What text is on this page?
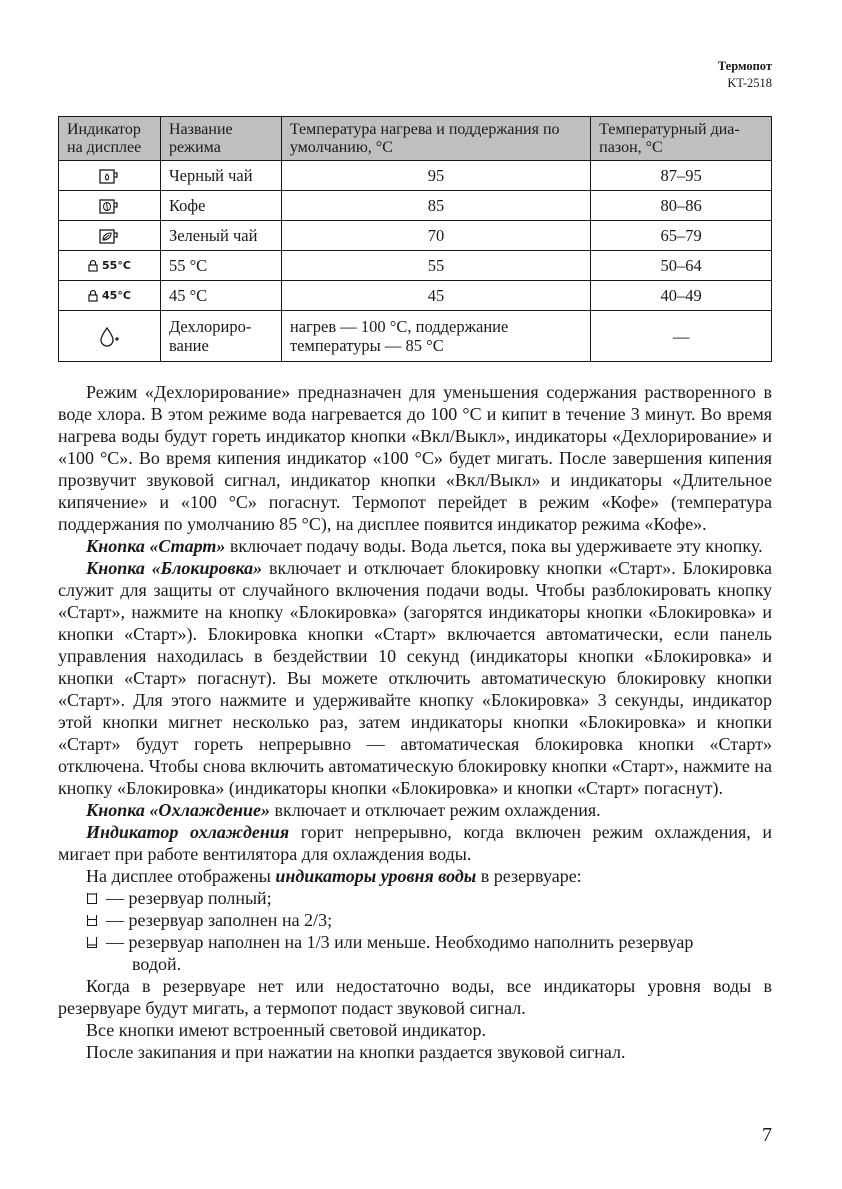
Термопот
KT-2518
Индикатор на дисплее	Название режима	Температура нагрева и поддержания по умолчанию, °С	Температурный диа-пазон, °С
	Черный чай	95	87–95
	Кофе	85	80–86
	Зеленый чай	70	65–79

55°C	55 °С	55	50–64

45°C	45 °С	45	40–49
	Дехлориро-вание	нагрев — 100 °С, поддержание температуры — 85 °С	—

Режим «Дехлорирование» предназначен для уменьшения содержания растворенного в воде хлора. В этом режиме вода нагревается до 100 °С и кипит в течение 3 минут. Во время нагрева воды будут гореть индикатор кнопки «Вкл/Выкл», индикаторы «Дехлорирование» и «100 °С». Во время кипения индикатор «100 °С» будет мигать. После завершения кипения прозвучит звуковой сигнал, индикатор кнопки «Вкл/Выкл» и индикаторы «Длительное кипячение» и «100 °С» погаснут. Термопот перейдет в режим «Кофе» (температура поддержания по умолчанию 85 °С), на дисплее появится индикатор режима «Кофе».

Кнопка «Старт» включает подачу воды. Вода льется, пока вы удерживаете эту кнопку.

Кнопка «Блокировка» включает и отключает блокировку кнопки «Старт». Блокировка служит для защиты от случайного включения подачи воды. Чтобы разблокировать кнопку «Старт», нажмите на кнопку «Блокировка» (загорятся индикаторы кнопки «Блокировка» и кнопки «Старт»). Блокировка кнопки «Старт» включается автоматически, если панель управления находилась в бездействии 10 секунд (индикаторы кнопки «Блокировка» и кнопки «Старт» погаснут). Вы можете отключить автоматическую блокировку кнопки «Старт». Для этого нажмите и удерживайте кнопку «Блокировка» 3 секунды, индикатор этой кнопки мигнет несколько раз, затем индикаторы кнопки «Блокировка» и кнопки «Старт» будут гореть непрерывно — автоматическая блокировка кнопки «Старт» отключена. Чтобы снова включить автоматическую блокировку кнопки «Старт», нажмите на кнопку «Блокировка» (индикаторы кнопки «Блокировка» и кнопки «Старт» погаснут).

Кнопка «Охлаждение» включает и отключает режим охлаждения.

Индикатор охлаждения горит непрерывно, когда включен режим охлаждения, и мигает при работе вентилятора для охлаждения воды.

На дисплее отображены индикаторы уровня воды в резервуаре:

— резервуар полный;
— резервуар заполнен на 2/3;
— резервуар наполнен на 1/3 или меньше. Необходимо наполнить резервуар
водой.

Когда в резервуаре нет или недостаточно воды, все индикаторы уровня воды в резервуаре будут мигать, а термопот подаст звуковой сигнал.

Все кнопки имеют встроенный световой индикатор.

После закипания и при нажатии на кнопки раздается звуковой сигнал.

7
